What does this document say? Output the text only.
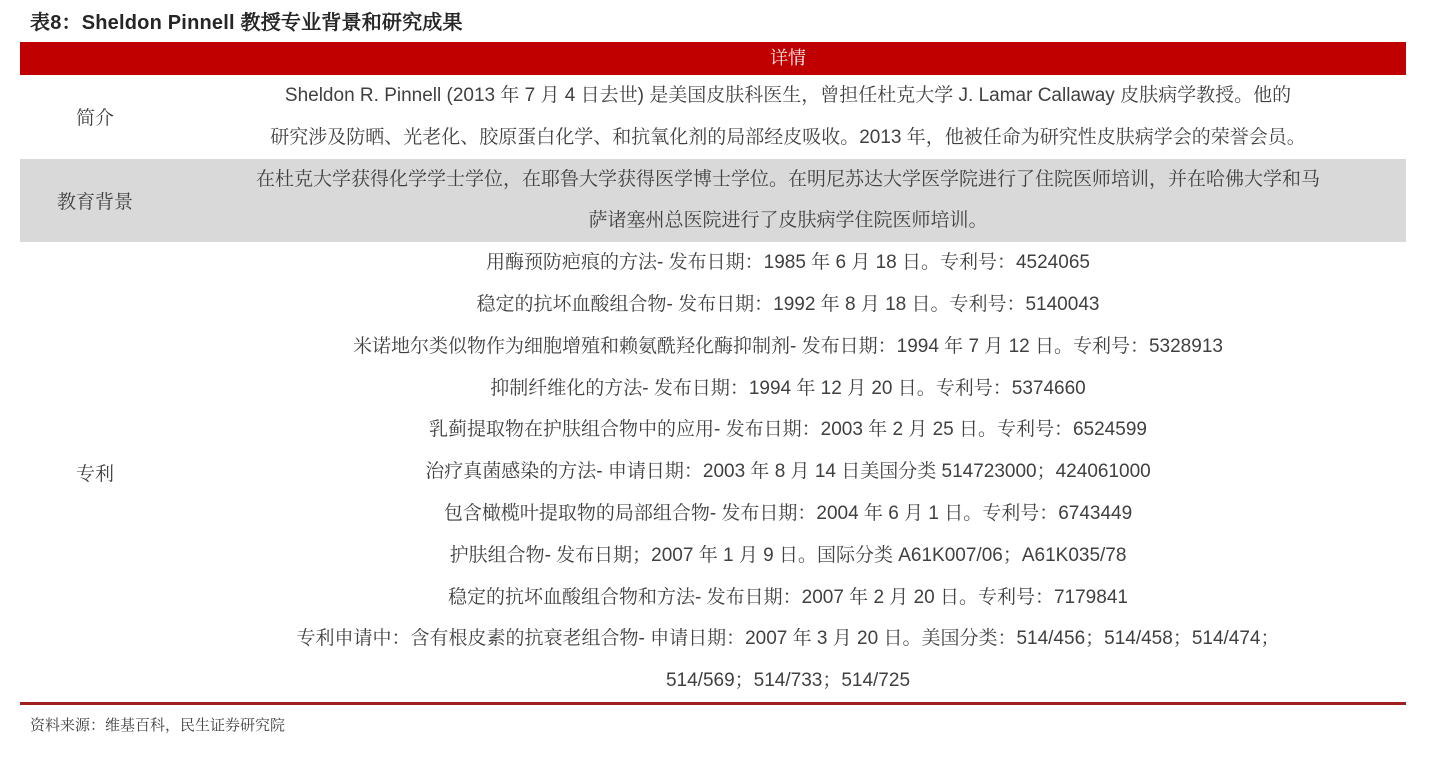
表8：Sheldon Pinnell 教授专业背景和研究成果
详情
简介
Sheldon R. Pinnell (2013 年 7 月 4 日去世) 是美国皮肤科医生，曾担任杜克大学 J. Lamar Callaway 皮肤病学教授。他的
研究涉及防晒、光老化、胶原蛋白化学、和抗氧化剂的局部经皮吸收。2013 年，他被任命为研究性皮肤病学会的荣誉会员。
教育背景
在杜克大学获得化学学士学位，在耶鲁大学获得医学博士学位。在明尼苏达大学医学院进行了住院医师培训，并在哈佛大学和马
萨诸塞州总医院进行了皮肤病学住院医师培训。
专利
用酶预防疤痕的方法- 发布日期：1985 年 6 月 18 日。专利号：4524065
稳定的抗坏血酸组合物- 发布日期：1992 年 8 月 18 日。专利号：5140043
米诺地尔类似物作为细胞增殖和赖氨酰羟化酶抑制剂- 发布日期：1994 年 7 月 12 日。专利号：5328913
抑制纤维化的方法- 发布日期：1994 年 12 月 20 日。专利号：5374660
乳蓟提取物在护肤组合物中的应用- 发布日期：2003 年 2 月 25 日。专利号：6524599
治疗真菌感染的方法- 申请日期：2003 年 8 月 14 日美国分类 514723000；424061000
包含橄榄叶提取物的局部组合物- 发布日期：2004 年 6 月 1 日。专利号：6743449
护肤组合物- 发布日期；2007 年 1 月 9 日。国际分类 A61K007/06；A61K035/78
稳定的抗坏血酸组合物和方法- 发布日期：2007 年 2 月 20 日。专利号：7179841
专利申请中：含有根皮素的抗衰老组合物- 申请日期：2007 年 3 月 20 日。美国分类：514/456；514/458；514/474；
514/569；514/733；514/725
资料来源：维基百科，民生证券研究院
